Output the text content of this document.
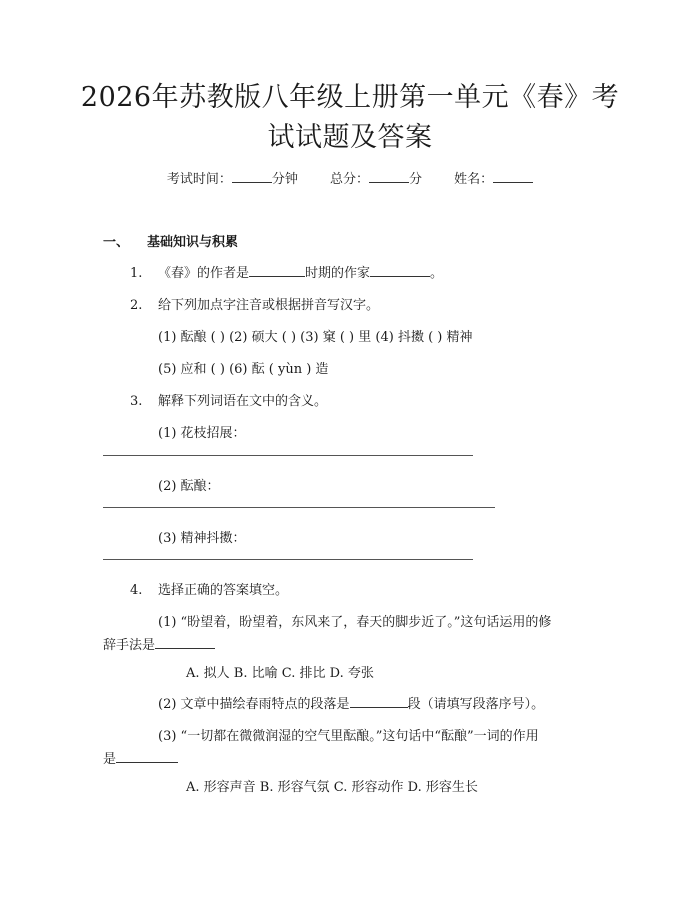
2026年苏教版八年级上册第一单元《春》考试试题及答案
考试时间：	分钟 总分：	分 姓名：
一、 基础知识与积累
1. 《春》的作者是	时期的作家	。
2. 给下列加点字注音或根据拼音写汉字。
(1) 酝酿 ( ) (2) 硕大 ( ) (3) 窠 ( ) 里 (4) 抖擞 ( ) 精神
(5) 应和 ( ) (6) 酝 ( yùn ) 造
3. 解释下列词语在文中的含义。
(1) 花枝招展：
(2) 酝酿：
(3) 精神抖擞：
4. 选择正确的答案填空。
(1) “盼望着，盼望着，东风来了，春天的脚步近了。”这句话运用的修
辞手法是
A. 拟人 B. 比喻 C. 排比 D. 夸张
(2) 文章中描绘春雨特点的段落是	段（请填写段落序号）。
(3) “一切都在微微润湿的空气里酝酿。”这句话中“酝酿”一词的作用
是
A. 形容声音 B. 形容气氛 C. 形容动作 D. 形容生长
